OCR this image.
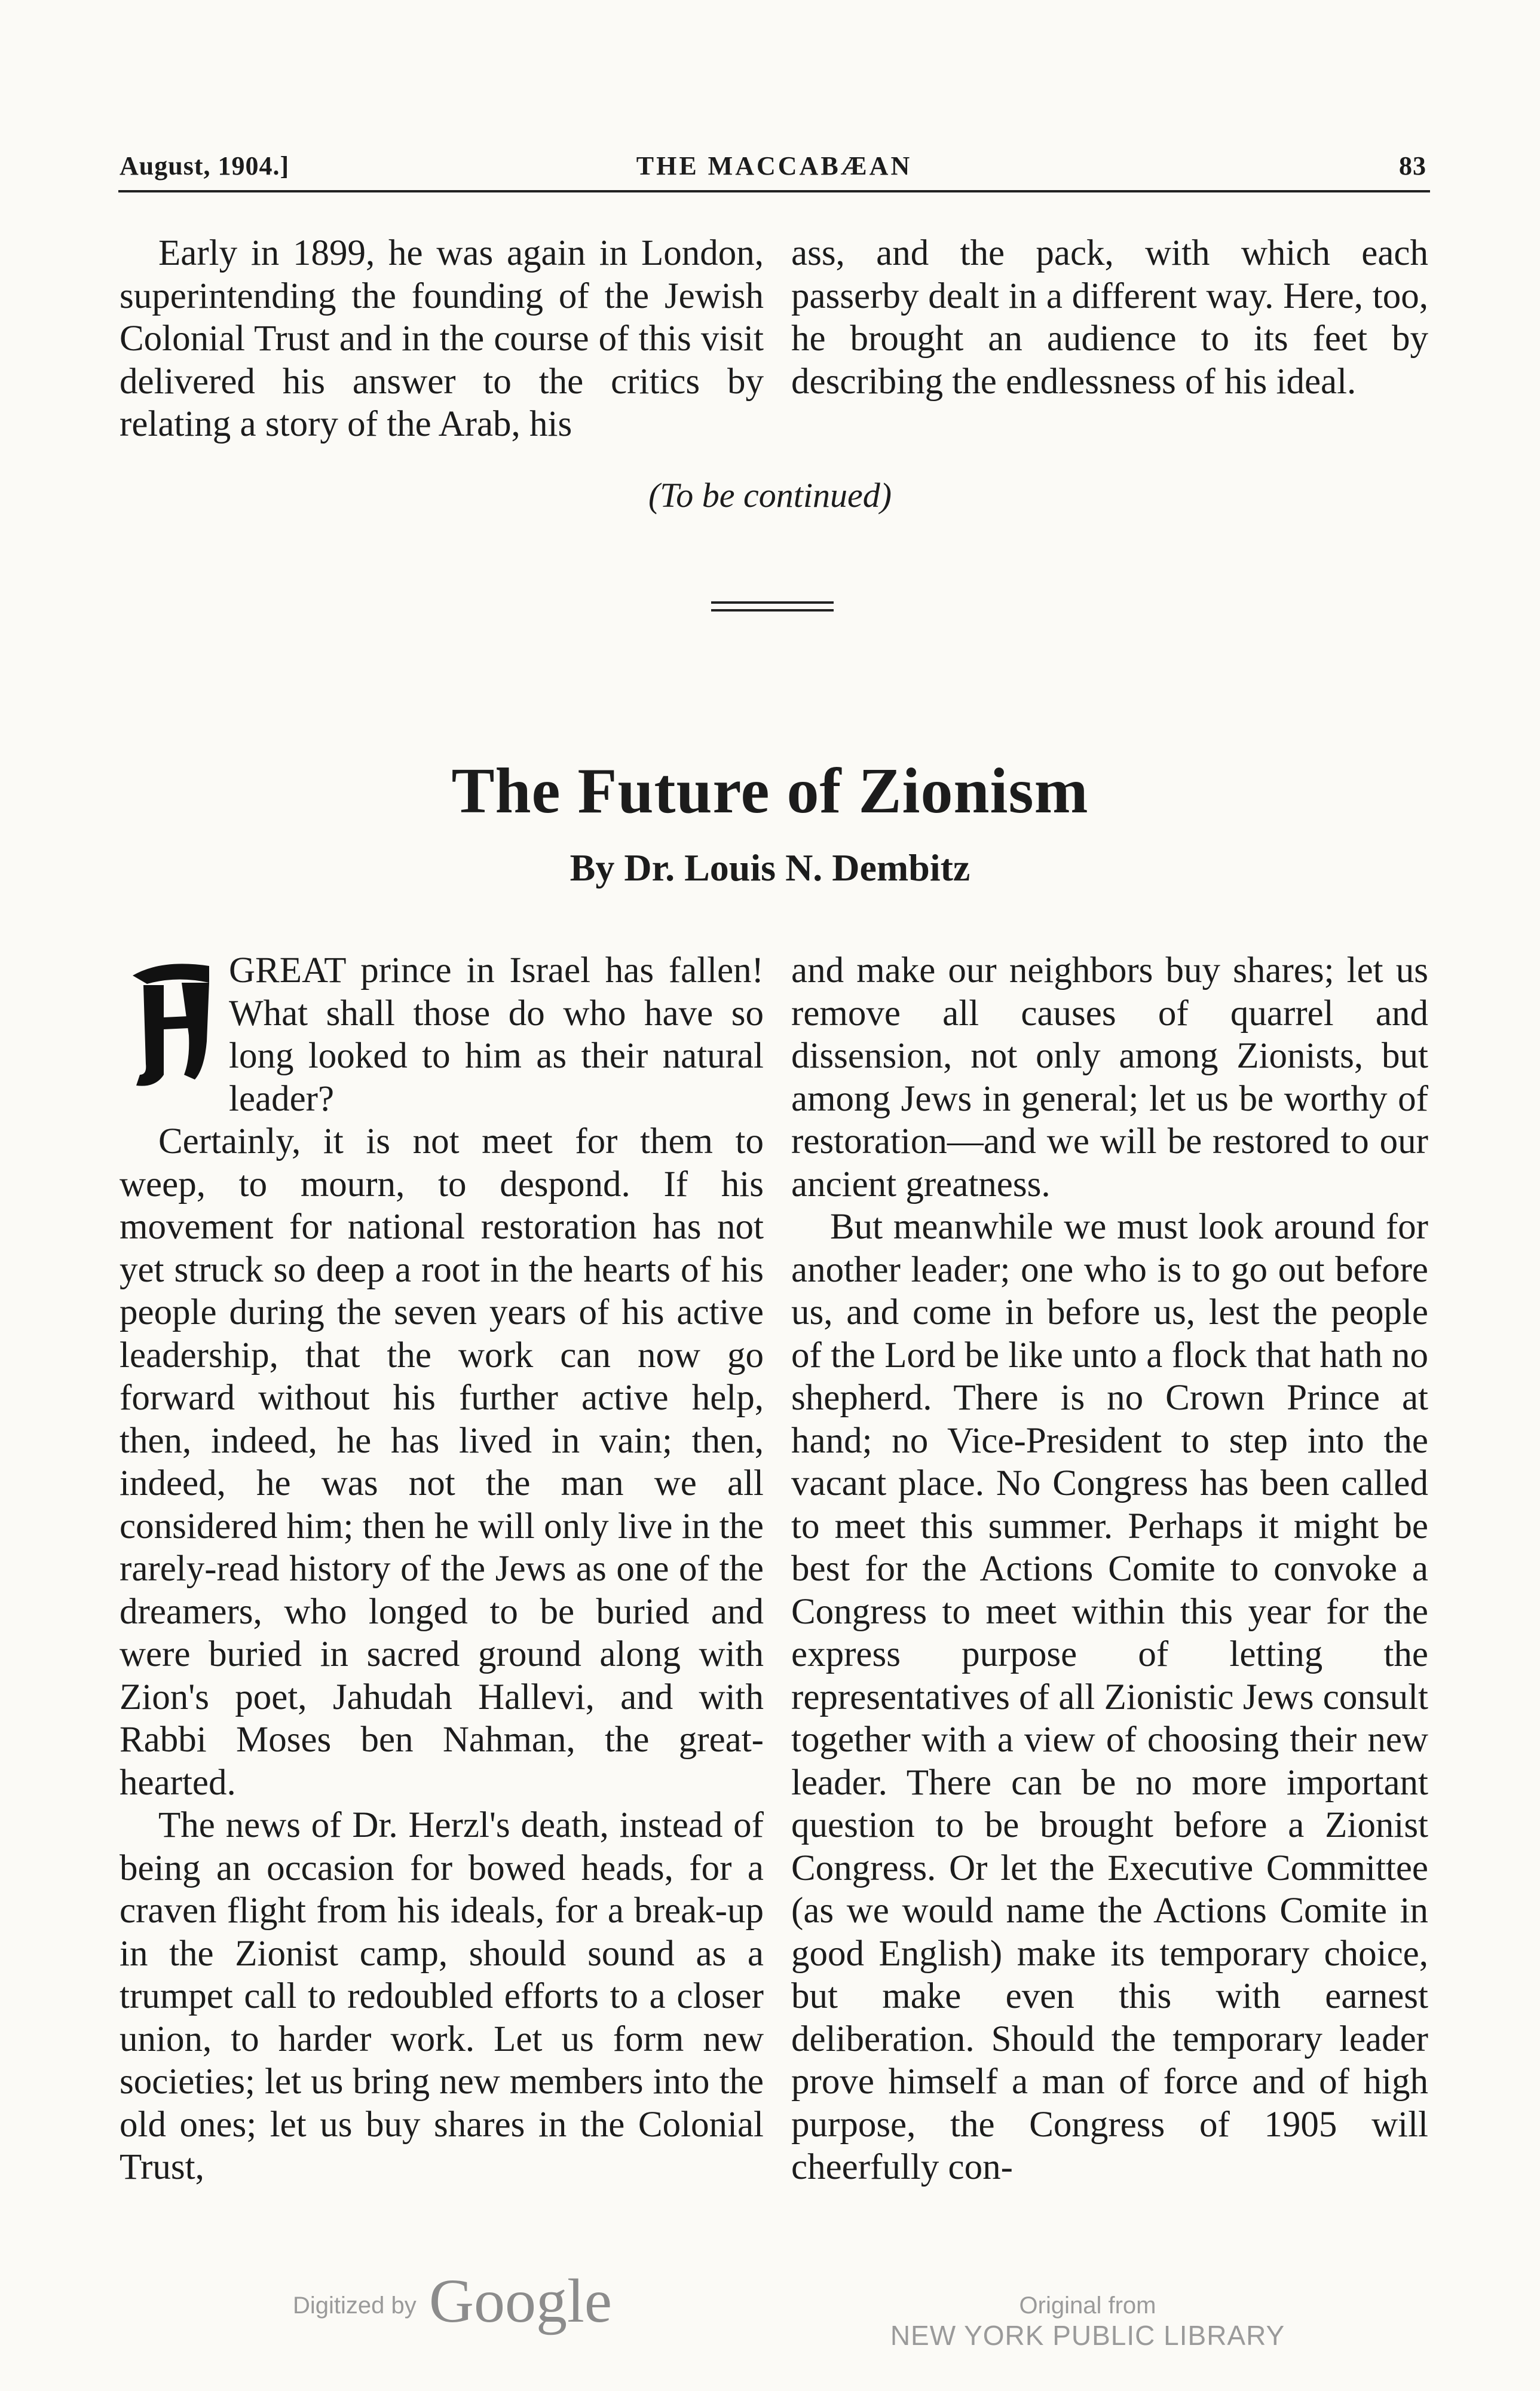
August, 1904.]	THE MACCABÆAN	83

Early in 1899, he was again in London, superintending the founding of the Jewish Colonial Trust and in the course of this visit delivered his answer to the critics by relating a story of the Arab, his

ass, and the pack, with which each passerby dealt in a different way. Here, too, he brought an audience to its feet by describing the endlessness of his ideal.

(To be continued)
The Future of Zionism
By Dr. Louis N. Dembitz

GREAT prince in Israel has fallen! What shall those do who have so long looked to him as their natural leader?

Certainly, it is not meet for them to weep, to mourn, to despond. If his movement for national restoration has not yet struck so deep a root in the hearts of his people during the seven years of his active leadership, that the work can now go forward without his further active help, then, indeed, he has lived in vain; then, indeed, he was not the man we all considered him; then he will only live in the rarely-read history of the Jews as one of the dreamers, who longed to be buried and were buried in sacred ground along with Zion's poet, Jahudah Hallevi, and with Rabbi Moses ben Nahman, the great-hearted.

The news of Dr. Herzl's death, instead of being an occasion for bowed heads, for a craven flight from his ideals, for a break-up in the Zionist camp, should sound as a trumpet call to redoubled efforts to a closer union, to harder work. Let us form new societies; let us bring new members into the old ones; let us buy shares in the Colonial Trust,

and make our neighbors buy shares; let us remove all causes of quarrel and dissension, not only among Zionists, but among Jews in general; let us be worthy of restoration—and we will be restored to our ancient greatness.

But meanwhile we must look around for another leader; one who is to go out before us, and come in before us, lest the people of the Lord be like unto a flock that hath no shepherd. There is no Crown Prince at hand; no Vice-President to step into the vacant place. No Congress has been called to meet this summer. Perhaps it might be best for the Actions Comite to convoke a Congress to meet within this year for the express purpose of letting the representatives of all Zionistic Jews consult together with a view of choosing their new leader. There can be no more important question to be brought before a Zionist Congress. Or let the Executive Committee (as we would name the Actions Comite in good English) make its temporary choice, but make even this with earnest deliberation. Should the temporary leader prove himself a man of force and of high purpose, the Congress of 1905 will cheerfully con-

Digitized by Google	Original from
NEW YORK PUBLIC LIBRARY
